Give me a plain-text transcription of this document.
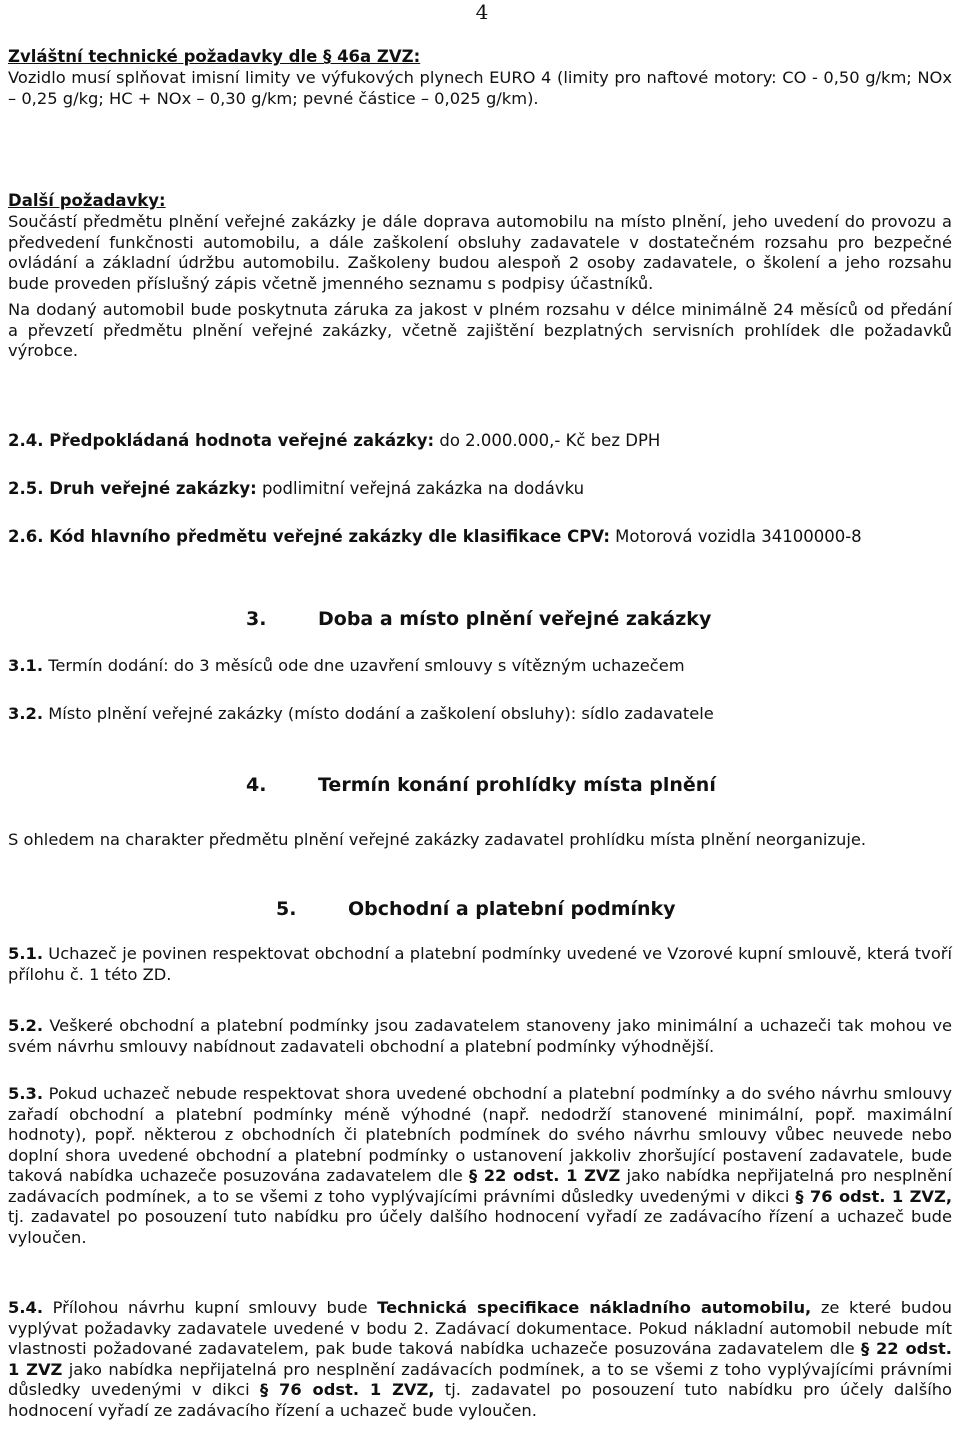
4

Zvláštní technické požadavky dle § 46a ZVZ:

Vozidlo musí splňovat imisní limity ve výfukových plynech EURO 4 (limity pro naftové motory: CO - 0,50 g/km; NOx – 0,25 g/kg; HC + NOx – 0,30 g/km; pevné částice – 0,025 g/km).

Další požadavky:

Součástí předmětu plnění veřejné zakázky je dále doprava automobilu na místo plnění, jeho uvedení do provozu a předvedení funkčnosti automobilu, a dále zaškolení obsluhy zadavatele v dostatečném rozsahu pro bezpečné ovládání a základní údržbu automobilu. Zaškoleny budou alespoň 2 osoby zadavatele, o školení a jeho rozsahu bude proveden příslušný zápis včetně jmenného seznamu s podpisy účastníků.

Na dodaný automobil bude poskytnuta záruka za jakost v plném rozsahu v délce minimálně 24 měsíců od předání a převzetí předmětu plnění veřejné zakázky, včetně zajištění bezplatných servisních prohlídek dle požadavků výrobce.

2.4. Předpokládaná hodnota veřejné zakázky: do 2.000.000,- Kč bez DPH
2.5. Druh veřejné zakázky: podlimitní veřejná zakázka na dodávku
2.6. Kód hlavního předmětu veřejné zakázky dle klasifikace CPV: Motorová vozidla 34100000-8
3.	Doba a místo plnění veřejné zakázky
3.1. Termín dodání: do 3 měsíců ode dne uzavření smlouvy s vítězným uchazečem
3.2. Místo plnění veřejné zakázky (místo dodání a zaškolení obsluhy): sídlo zadavatele
4.	Termín konání prohlídky místa plnění
S ohledem na charakter předmětu plnění veřejné zakázky zadavatel prohlídku místa plnění neorganizuje.
5.	Obchodní a platební podmínky
5.1. Uchazeč je povinen respektovat obchodní a platební podmínky uvedené ve Vzorové kupní smlouvě, která tvoří přílohu č. 1 této ZD.
5.2. Veškeré obchodní a platební podmínky jsou zadavatelem stanoveny jako minimální a uchazeči tak mohou ve svém návrhu smlouvy nabídnout zadavateli obchodní a platební podmínky výhodnější.
5.3. Pokud uchazeč nebude respektovat shora uvedené obchodní a platební podmínky a do svého návrhu smlouvy zařadí obchodní a platební podmínky méně výhodné (např. nedodrží stanovené minimální, popř. maximální hodnoty), popř. některou z obchodních či platebních podmínek do svého návrhu smlouvy vůbec neuvede nebo doplní shora uvedené obchodní a platební podmínky o ustanovení jakkoliv zhoršující postavení zadavatele, bude taková nabídka uchazeče posuzována zadavatelem dle § 22 odst. 1 ZVZ jako nabídka nepřijatelná pro nesplnění zadávacích podmínek, a to se všemi z toho vyplývajícími právními důsledky uvedenými v dikci § 76 odst. 1 ZVZ, tj. zadavatel po posouzení tuto nabídku pro účely dalšího hodnocení vyřadí ze zadávacího řízení a uchazeč bude vyloučen.
5.4. Přílohou návrhu kupní smlouvy bude Technická specifikace nákladního automobilu, ze které budou vyplývat požadavky zadavatele uvedené v bodu 2. Zadávací dokumentace. Pokud nákladní automobil nebude mít vlastnosti požadované zadavatelem, pak bude taková nabídka uchazeče posuzována zadavatelem dle § 22 odst. 1 ZVZ jako nabídka nepřijatelná pro nesplnění zadávacích podmínek, a to se všemi z toho vyplývajícími právními důsledky uvedenými v dikci § 76 odst. 1 ZVZ, tj. zadavatel po posouzení tuto nabídku pro účely dalšího hodnocení vyřadí ze zadávacího řízení a uchazeč bude vyloučen.
